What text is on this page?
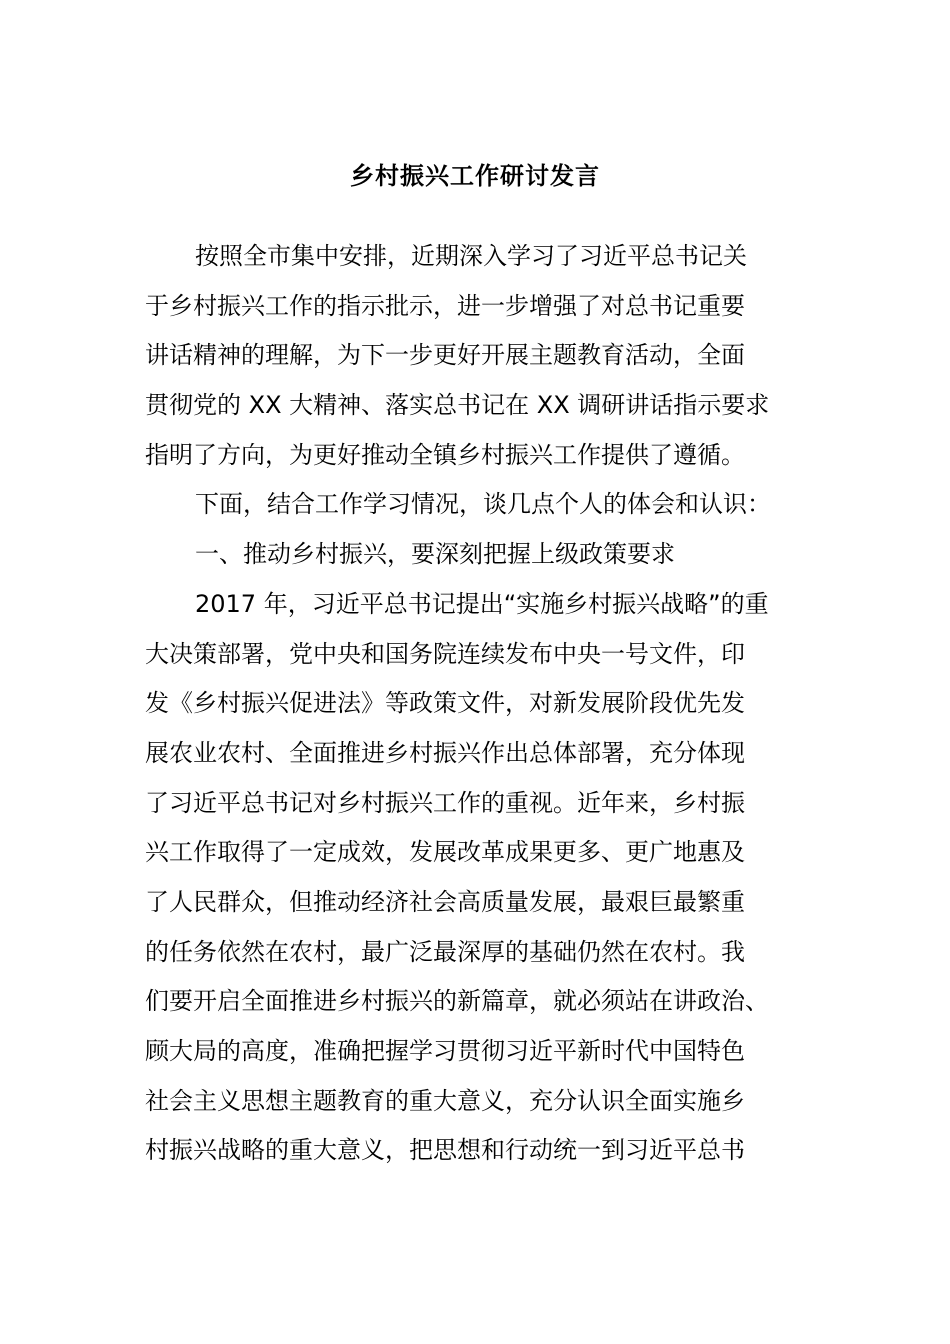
乡村振兴工作研讨发言
按照全市集中安排，近期深入学习了习近平总书记关
于乡村振兴工作的指示批示，进一步增强了对总书记重要
讲话精神的理解，为下一步更好开展主题教育活动，全面
贯彻党的 XX 大精神、落实总书记在 XX 调研讲话指示要求
指明了方向，为更好推动全镇乡村振兴工作提供了遵循。
下面，结合工作学习情况，谈几点个人的体会和认识：
一、推动乡村振兴，要深刻把握上级政策要求
2017 年，习近平总书记提出“实施乡村振兴战略”的重
大决策部署，党中央和国务院连续发布中央一号文件，印
发《乡村振兴促进法》等政策文件，对新发展阶段优先发
展农业农村、全面推进乡村振兴作出总体部署，充分体现
了习近平总书记对乡村振兴工作的重视。近年来，乡村振
兴工作取得了一定成效，发展改革成果更多、更广地惠及
了人民群众，但推动经济社会高质量发展，最艰巨最繁重
的任务依然在农村，最广泛最深厚的基础仍然在农村。我
们要开启全面推进乡村振兴的新篇章，就必须站在讲政治、
顾大局的高度，准确把握学习贯彻习近平新时代中国特色
社会主义思想主题教育的重大意义，充分认识全面实施乡
村振兴战略的重大意义，把思想和行动统一到习近平总书
